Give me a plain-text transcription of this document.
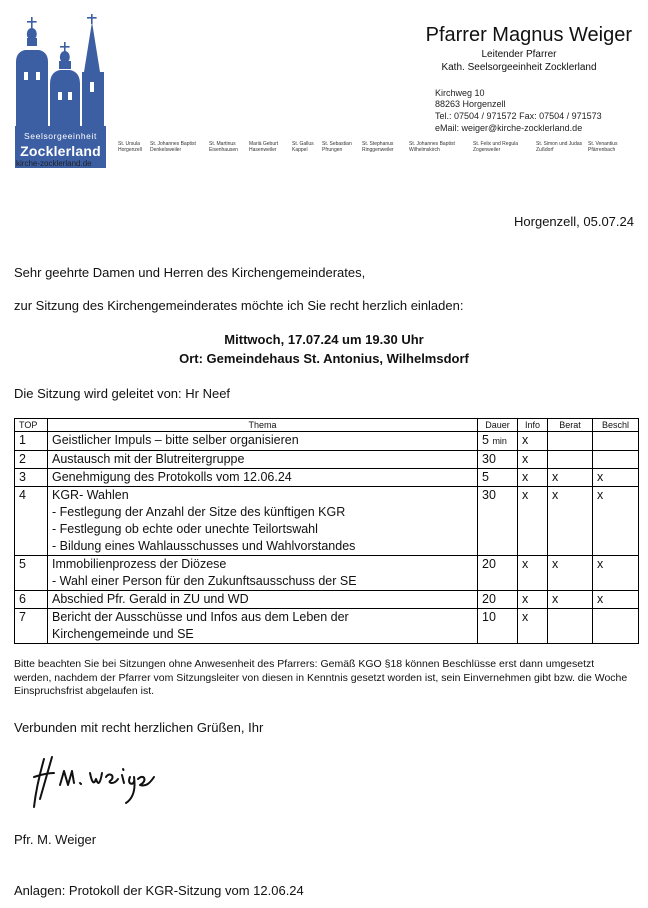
Seelsorgeeinheit
Zocklerland
kirche-zocklerland.de
Pfarrer Magnus Weiger
Leitender Pfarrer
Kath. Seelsorgeeinheit Zocklerland
Kirchweg 10
88263 Horgenzell
Tel.: 07504 / 971572 Fax: 07504 / 971573
eMail: weiger@kirche-zocklerland.de
St. Ursula
Horgenzell
St. Johannes Baptist
Denkelsweiler
St. Martinus
Eisenhausen
Mariä Geburt
Hasenweiler
St. Gallus
Kappel
St. Sebastian
Pfrungen
St. Stephanus
Ringgenweiler
St. Johannes Baptist
Wilhelmskirch
St. Felix und Regula
Zogenweiler
St. Simon und Judas
Zußdorf
St. Venantius
Pfärrenbach
Horgenzell, 05.07.24
Sehr geehrte Damen und Herren des Kirchengemeinderates,
zur Sitzung des Kirchengemeinderates möchte ich Sie recht herzlich einladen:
Mittwoch, 17.07.24 um 19.30 Uhr
Ort: Gemeindehaus St. Antonius, Wilhelmsdorf
Die Sitzung wird geleitet von: Hr Neef
TOP	Thema	Dauer	Info	Berat	Beschl
1	Geistlicher Impuls – bitte selber organisieren	5 min	x		
2	Austausch mit der Blutreitergruppe	30	x		
3	Genehmigung des Protokolls vom 12.06.24	5	x	x	x
4	KGR- Wahlen
- Festlegung der Anzahl der Sitze des künftigen KGR
- Festlegung ob echte oder unechte Teilortswahl
- Bildung eines Wahlausschusses und Wahlvorstandes	30	x	x	x
5	Immobilienprozess der Diözese
- Wahl einer Person für den Zukunftsausschuss der SE	20	x	x	x
6	Abschied Pfr. Gerald in ZU und WD	20	x	x	x
7	Bericht der Ausschüsse und Infos aus dem Leben der
Kirchengemeinde und SE	10	x		
Bitte beachten Sie bei Sitzungen ohne Anwesenheit des Pfarrers: Gemäß KGO §18 können Beschlüsse erst dann umgesetzt werden, nachdem der Pfarrer vom Sitzungsleiter von diesen in Kenntnis gesetzt worden ist, sein Einvernehmen gibt bzw. die Woche Einspruchsfrist abgelaufen ist.
Verbunden mit recht herzlichen Grüßen, Ihr
Pfr. M. Weiger
Anlagen: Protokoll der KGR-Sitzung vom 12.06.24
